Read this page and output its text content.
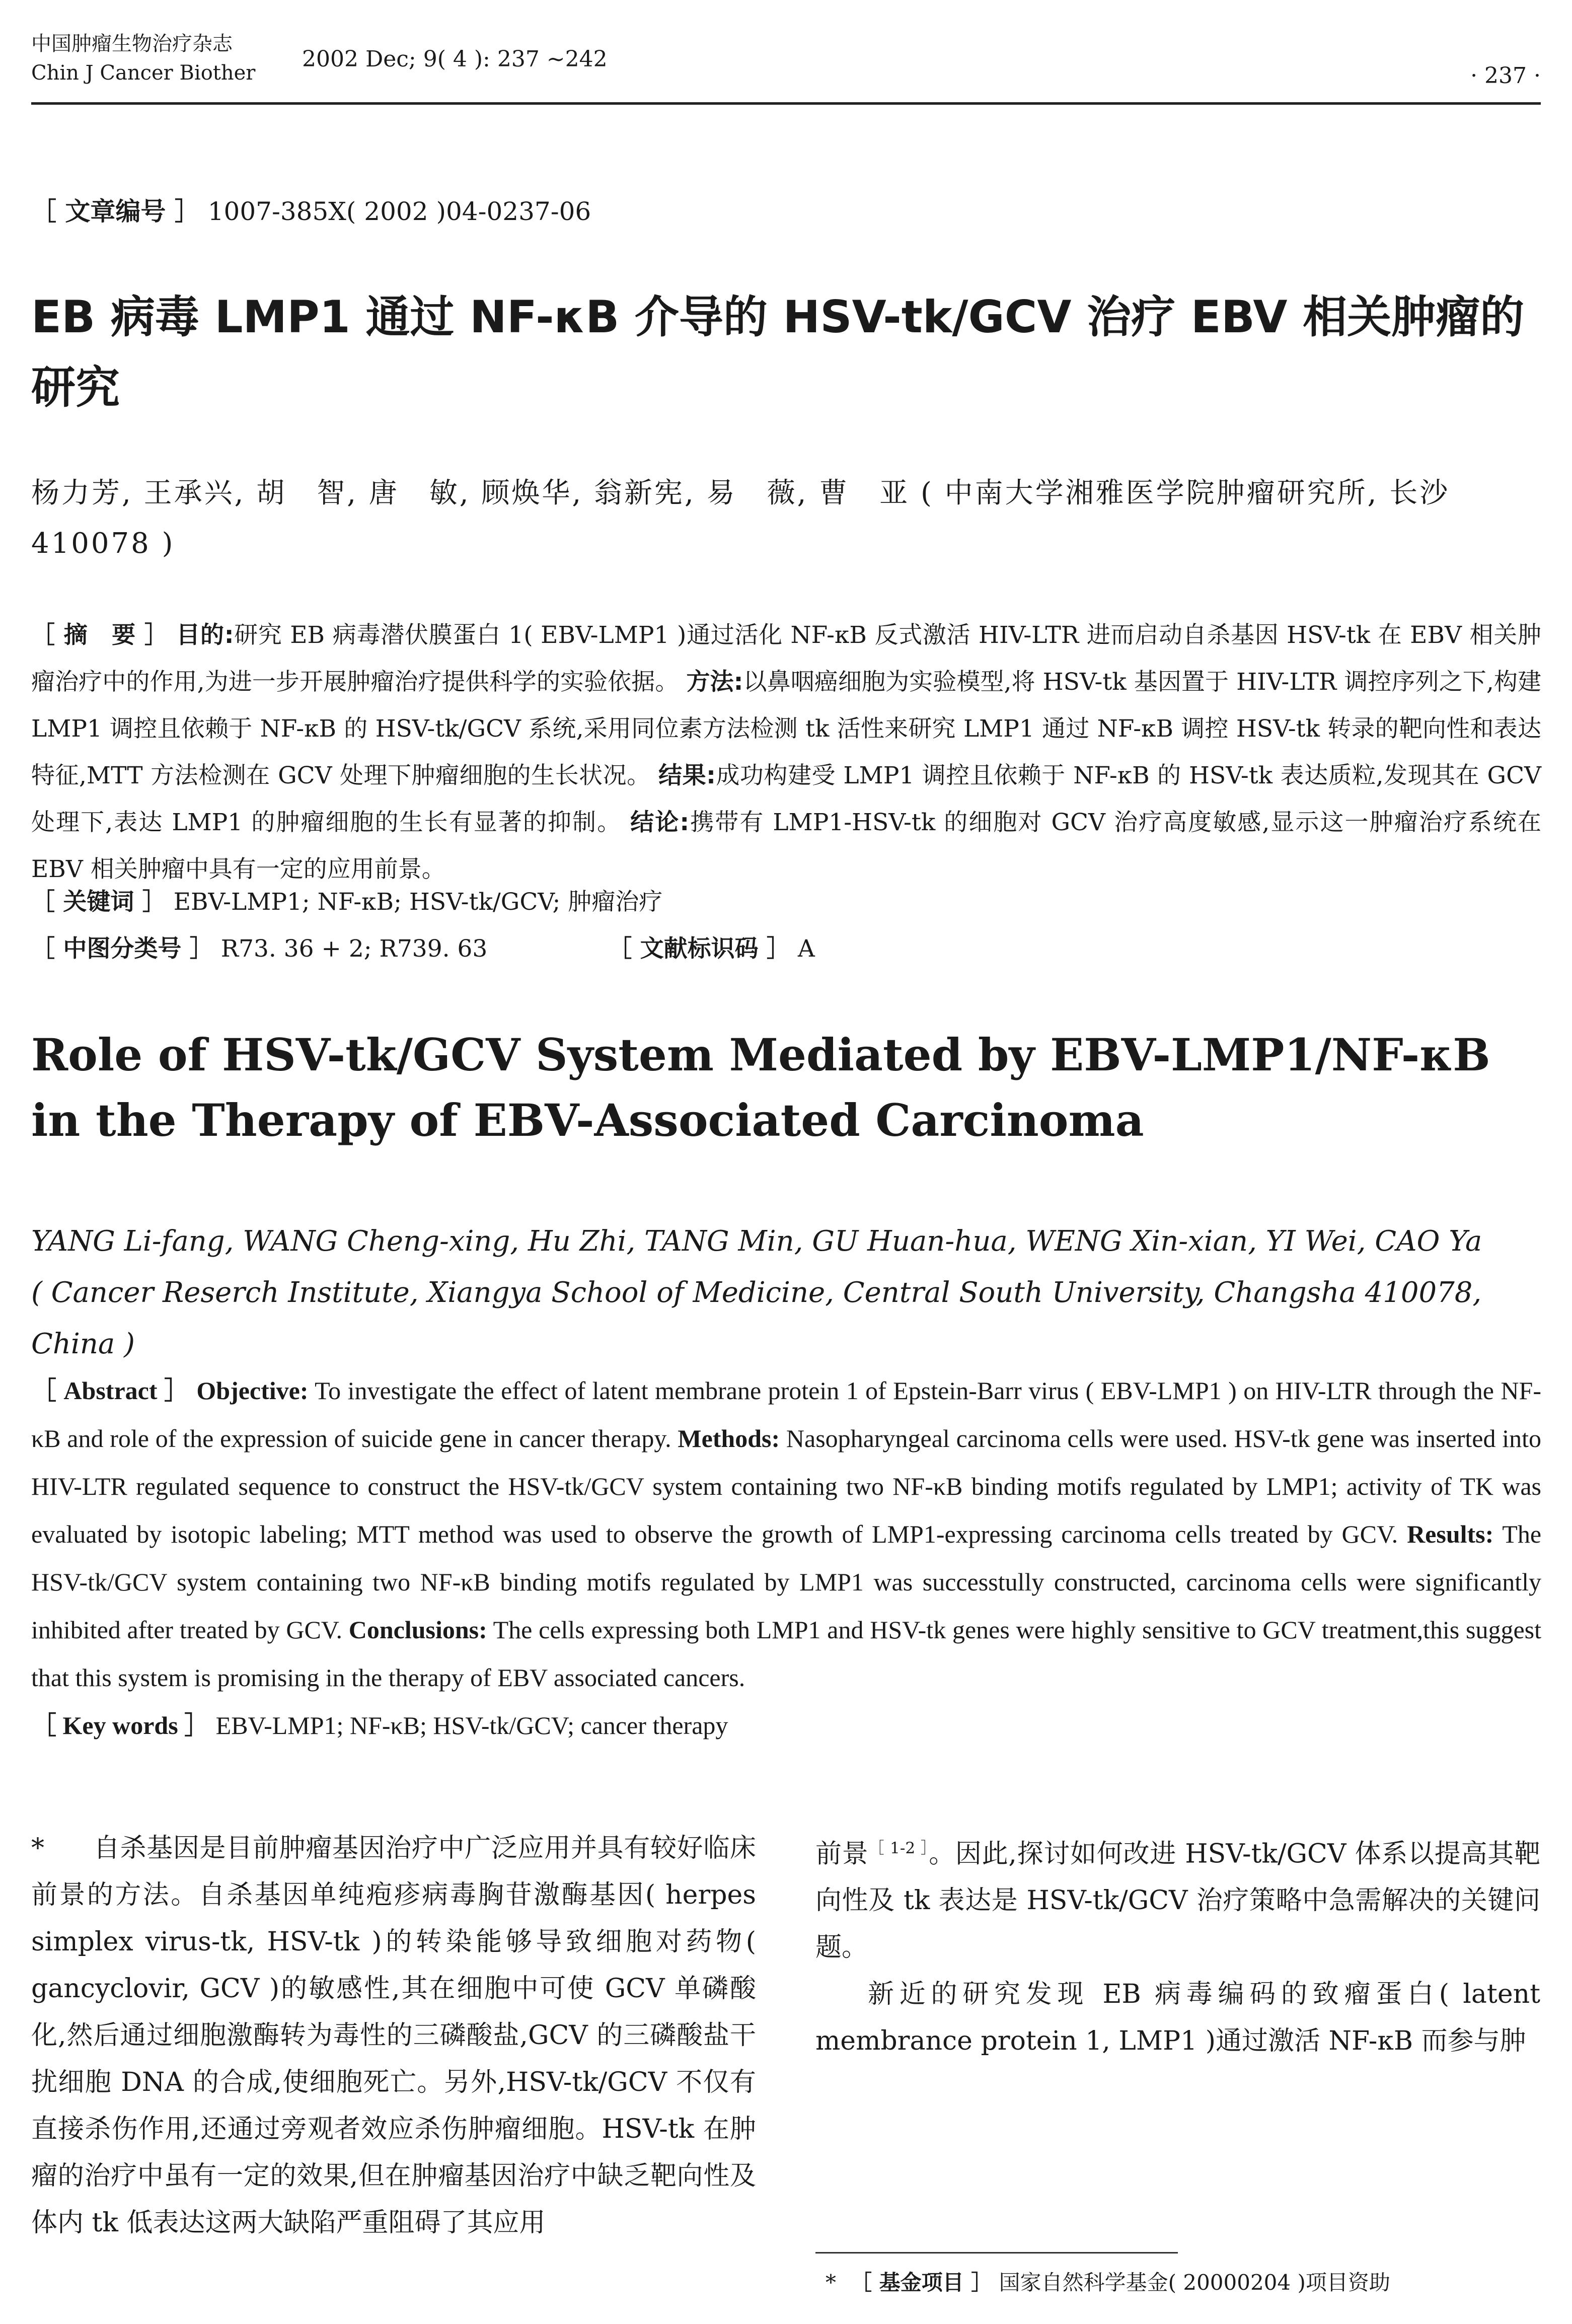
中国肿瘤生物治疗杂志
Chin J Cancer Biother
2002 Dec; 9( 4 ): 237 ~242
· 237 ·
［ 文章编号 ］ 1007-385X( 2002 )04-0237-06
EB 病毒 LMP1 通过 NF-κB 介导的 HSV-tk/GCV 治疗 EBV 相关肿瘤的研究
杨力芳, 王承兴, 胡　智, 唐　敏, 顾焕华, 翁新宪, 易　薇, 曹　亚 ( 中南大学湘雅医学院肿瘤研究所, 长沙　410078 )
［ 摘　要 ］ 目的:研究 EB 病毒潜伏膜蛋白 1( EBV-LMP1 )通过活化 NF-κB 反式激活 HIV-LTR 进而启动自杀基因 HSV-tk 在 EBV 相关肿瘤治疗中的作用,为进一步开展肿瘤治疗提供科学的实验依据。 方法:以鼻咽癌细胞为实验模型,将 HSV-tk 基因置于 HIV-LTR 调控序列之下,构建 LMP1 调控且依赖于 NF-κB 的 HSV-tk/GCV 系统,采用同位素方法检测 tk 活性来研究 LMP1 通过 NF-κB 调控 HSV-tk 转录的靶向性和表达特征,MTT 方法检测在 GCV 处理下肿瘤细胞的生长状况。 结果:成功构建受 LMP1 调控且依赖于 NF-κB 的 HSV-tk 表达质粒,发现其在 GCV 处理下,表达 LMP1 的肿瘤细胞的生长有显著的抑制。 结论:携带有 LMP1-HSV-tk 的细胞对 GCV 治疗高度敏感,显示这一肿瘤治疗系统在 EBV 相关肿瘤中具有一定的应用前景。
［ 关键词 ］ EBV-LMP1; NF-κB; HSV-tk/GCV; 肿瘤治疗
［ 中图分类号 ］ R73. 36 + 2; R739. 63	［ 文献标识码 ］ A
Role of HSV-tk/GCV System Mediated by EBV-LMP1/NF-κB in the Therapy of EBV-Associated Carcinoma
YANG Li-fang, WANG Cheng-xing, Hu Zhi, TANG Min, GU Huan-hua, WENG Xin-xian, YI Wei, CAO Ya
( Cancer Reserch Institute, Xiangya School of Medicine, Central South University, Changsha 410078, China )
［ Abstract ］ Objective: To investigate the effect of latent membrane protein 1 of Epstein-Barr virus ( EBV-LMP1 ) on HIV-LTR through the NF-κB and role of the expression of suicide gene in cancer therapy. Methods: Nasopharyngeal carcinoma cells were used. HSV-tk gene was inserted into HIV-LTR regulated sequence to construct the HSV-tk/GCV system containing two NF-κB binding motifs regulated by LMP1; activity of TK was evaluated by isotopic labeling; MTT method was used to observe the growth of LMP1-expressing carcinoma cells treated by GCV. Results: The HSV-tk/GCV system containing two NF-κB binding motifs regulated by LMP1 was successtully constructed, carcinoma cells were significantly inhibited after treated by GCV. Conclusions: The cells expressing both LMP1 and HSV-tk genes were highly sensitive to GCV treatment,this suggest that this system is promising in the therapy of EBV associated cancers.
［ Key words ］ EBV-LMP1; NF-κB; HSV-tk/GCV; cancer therapy
* 自杀基因是目前肿瘤基因治疗中广泛应用并具有较好临床前景的方法。自杀基因单纯疱疹病毒胸苷激酶基因( herpes simplex virus-tk, HSV-tk )的转染能够导致细胞对药物( gancyclovir, GCV )的敏感性,其在细胞中可使 GCV 单磷酸化,然后通过细胞激酶转为毒性的三磷酸盐,GCV 的三磷酸盐干扰细胞 DNA 的合成,使细胞死亡。另外,HSV-tk/GCV 不仅有直接杀伤作用,还通过旁观者效应杀伤肿瘤细胞。HSV-tk 在肿瘤的治疗中虽有一定的效果,但在肿瘤基因治疗中缺乏靶向性及体内 tk 低表达这两大缺陷严重阻碍了其应用
前景$^{[ 1-2 ]}$。因此,探讨如何改进 HSV-tk/GCV 体系以提高其靶向性及 tk 表达是 HSV-tk/GCV 治疗策略中急需解决的关键问题。
新近的研究发现 EB 病毒编码的致瘤蛋白( latent membrance protein 1, LMP1 )通过激活 NF-κB 而参与肿
* ［ 基金项目 ］ 国家自然科学基金( 20000204 )项目资助
